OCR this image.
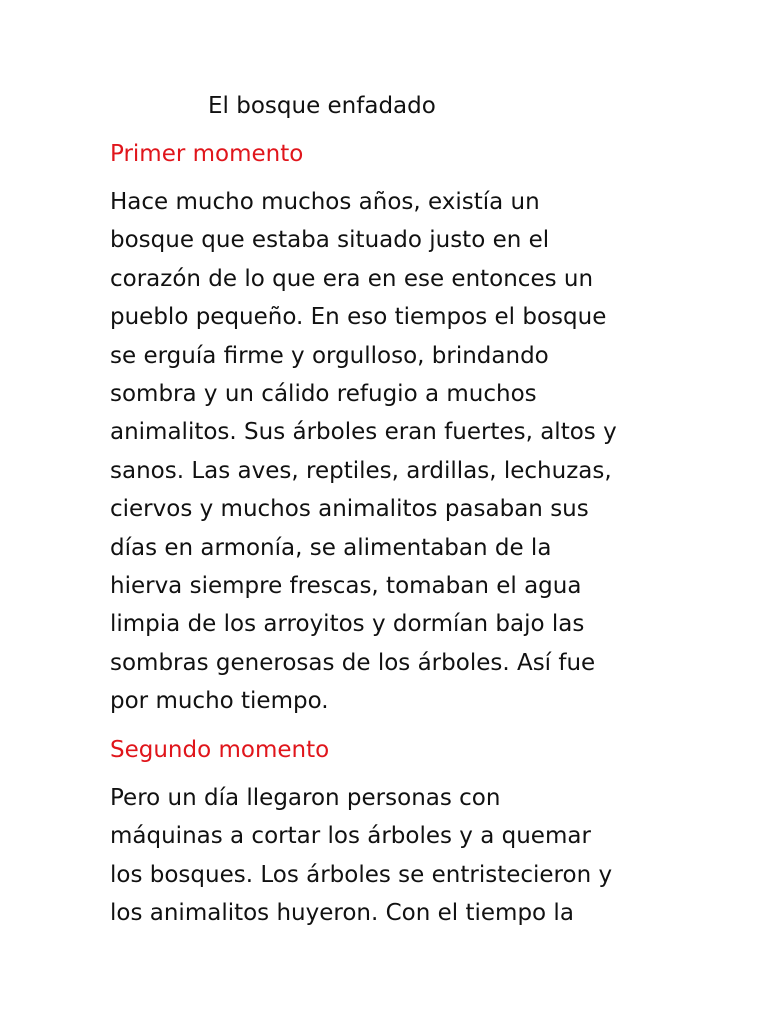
El bosque enfadado
Primer momento
Hace mucho muchos años, existía un
bosque que estaba situado justo en el
corazón de lo que era en ese entonces un
pueblo pequeño. En eso tiempos el bosque
se erguía firme y orgulloso, brindando
sombra y un cálido refugio a muchos
animalitos. Sus árboles eran fuertes, altos y
sanos. Las aves, reptiles, ardillas, lechuzas,
ciervos y muchos animalitos pasaban sus
días en armonía, se alimentaban de la
hierva siempre frescas, tomaban el agua
limpia de los arroyitos y dormían bajo las
sombras generosas de los árboles. Así fue
por mucho tiempo.
Segundo momento
Pero un día llegaron personas con
máquinas a cortar los árboles y a quemar
los bosques. Los árboles se entristecieron y
los animalitos huyeron. Con el tiempo la
